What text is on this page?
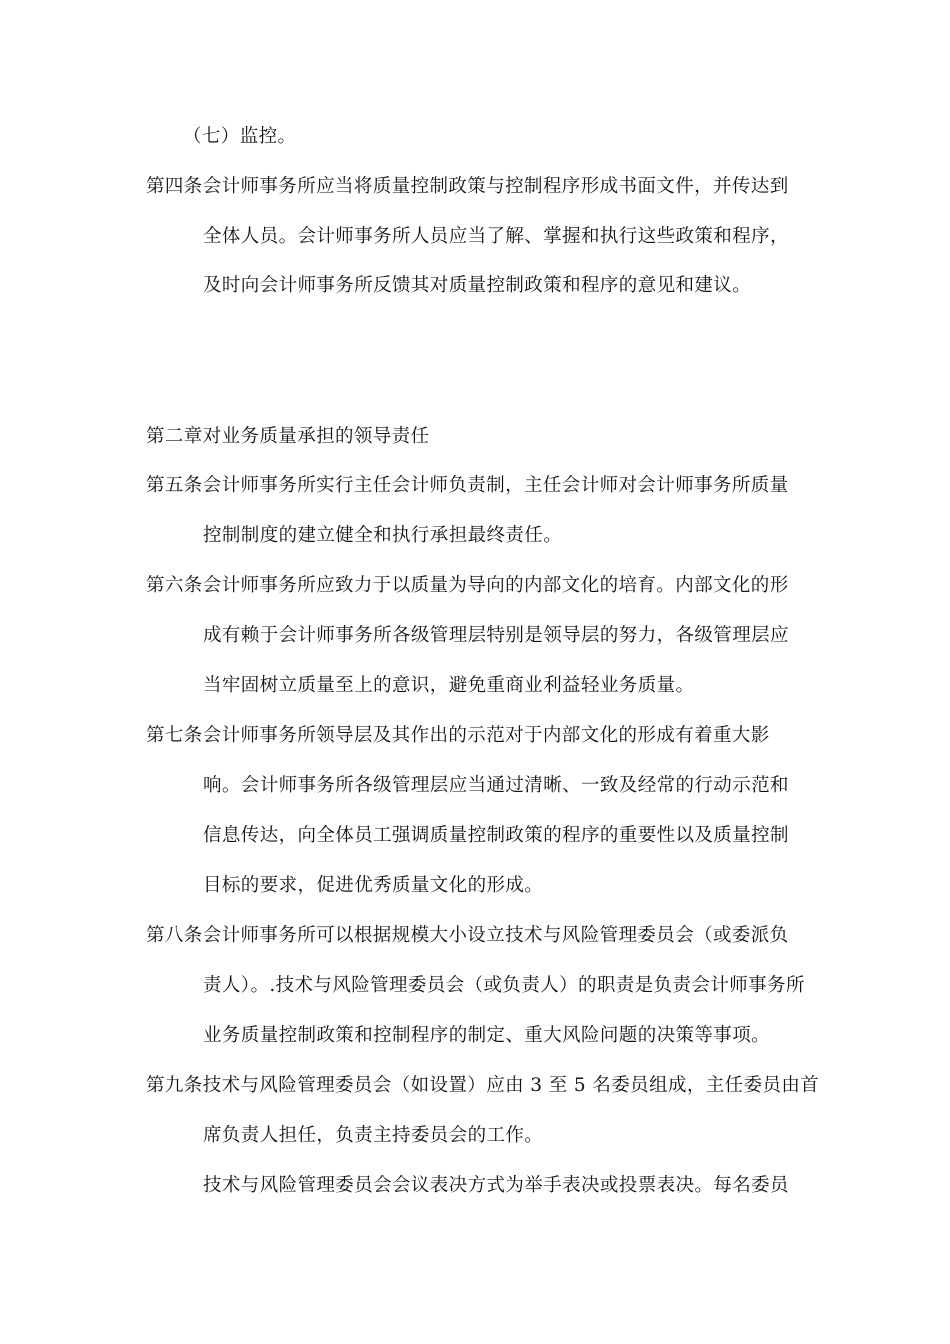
（七）监控。
第四条会计师事务所应当将质量控制政策与控制程序形成书面文件，并传达到
全体人员。会计师事务所人员应当了解、掌握和执行这些政策和程序，
及时向会计师事务所反馈其对质量控制政策和程序的意见和建议。
第二章对业务质量承担的领导责任
第五条会计师事务所实行主任会计师负责制，主任会计师对会计师事务所质量
控制制度的建立健全和执行承担最终责任。
第六条会计师事务所应致力于以质量为导向的内部文化的培育。内部文化的形
成有赖于会计师事务所各级管理层特别是领导层的努力，各级管理层应
当牢固树立质量至上的意识，避免重商业利益轻业务质量。
第七条会计师事务所领导层及其作出的示范对于内部文化的形成有着重大影
响。会计师事务所各级管理层应当通过清晰、一致及经常的行动示范和
信息传达，向全体员工强调质量控制政策的程序的重要性以及质量控制
目标的要求，促进优秀质量文化的形成。
第八条会计师事务所可以根据规模大小设立技术与风险管理委员会（或委派负
责人）。.技术与风险管理委员会（或负责人）的职责是负责会计师事务所
业务质量控制政策和控制程序的制定、重大风险问题的决策等事项。
第九条技术与风险管理委员会（如设置）应由 3 至 5 名委员组成，主任委员由首
席负责人担任，负责主持委员会的工作。
技术与风险管理委员会会议表决方式为举手表决或投票表决。每名委员
